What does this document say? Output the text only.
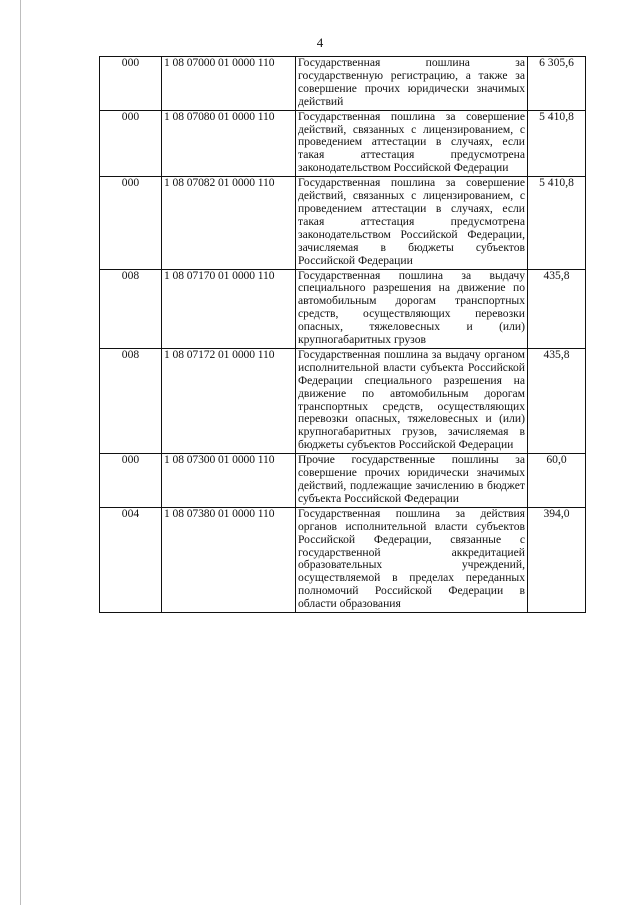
4
000	1 08 07000 01 0000 110	Государственная пошлина за государственную регистрацию, а также за совершение прочих юридически значимых действий	6 305,6
000	1 08 07080 01 0000 110	Государственная пошлина за совершение действий, связанных с лицензированием, с проведением аттестации в случаях, если такая аттестация предусмотрена законодательством Российской Федерации	5 410,8
000	1 08 07082 01 0000 110	Государственная пошлина за совершение действий, связанных с лицензированием, с проведением аттестации в случаях, если такая аттестация предусмотрена законодательством Российской Федерации, зачисляемая в бюджеты субъектов Российской Федерации	5 410,8
008	1 08 07170 01 0000 110	Государственная пошлина за выдачу специального разрешения на движение по автомобильным дорогам транспортных средств, осуществляющих перевозки опасных, тяжеловесных и (или) крупногабаритных грузов	435,8
008	1 08 07172 01 0000 110	Государственная пошлина за выдачу органом исполнительной власти субъекта Российской Федерации специального разрешения на движение по автомобильным дорогам транспортных средств, осуществляющих перевозки опасных, тяжеловесных и (или) крупногабаритных грузов, зачисляемая в бюджеты субъектов Российской Федерации	435,8
000	1 08 07300 01 0000 110	Прочие государственные пошлины за совершение прочих юридически значимых действий, подлежащие зачислению в бюджет субъекта Российской Федерации	60,0
004	1 08 07380 01 0000 110	Государственная пошлина за действия органов исполнительной власти субъектов Российской Федерации, связанные с государственной аккредитацией образовательных учреждений, осуществляемой в пределах переданных полномочий Российской Федерации в области образования	394,0
